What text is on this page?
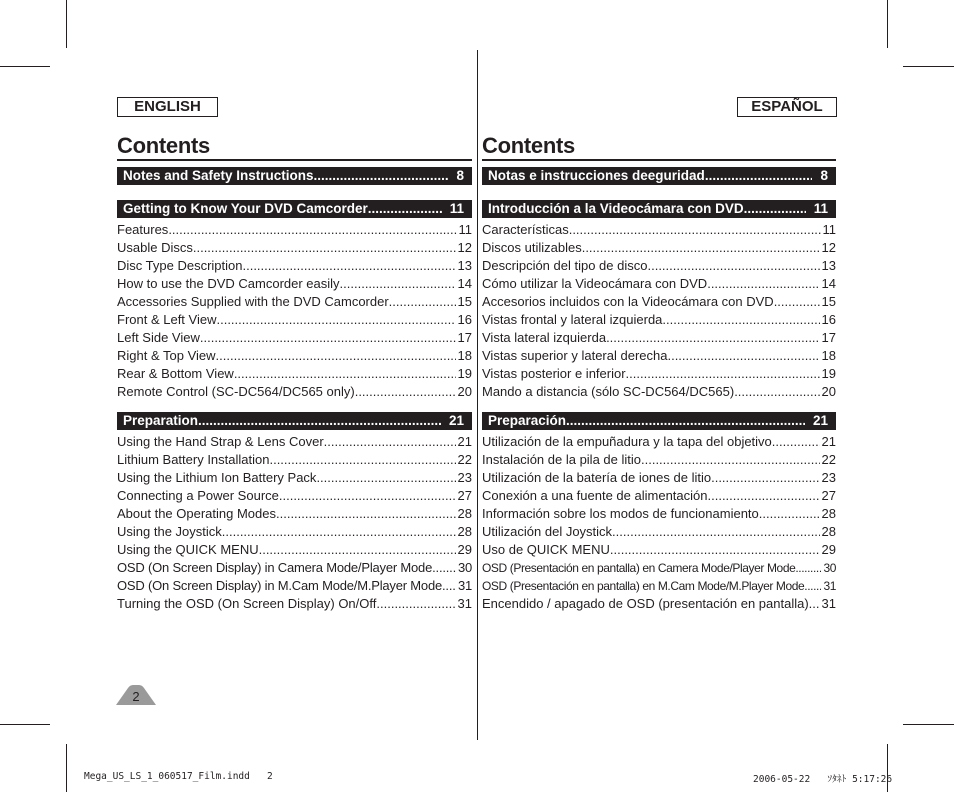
ENGLISH
Contents
Notes and Safety Instructions .....	8
Getting to Know Your DVD Camcorder .....	11
Features .....	11
Usable Discs .....	12
Disc Type Description .....	13
How to use the DVD Camcorder easily .....	14
Accessories Supplied with the DVD Camcorder .....	15
Front & Left View .....	16
Left Side View .....	17
Right & Top View .....	18
Rear & Bottom View .....	19
Remote Control (SC-DC564/DC565 only) .....	20
Preparation .....	21
Using the Hand Strap & Lens Cover .....	21
Lithium Battery Installation .....	22
Using the Lithium Ion Battery Pack .....	23
Connecting a Power Source .....	27
About the Operating Modes .....	28
Using the Joystick .....	28
Using the QUICK MENU .....	29
OSD (On Screen Display) in Camera Mode/Player Mode ..... 30
OSD (On Screen Display) in M.Cam Mode/M.Player Mode ..... 31
Turning the OSD (On Screen Display) On/Off .....	31
ESPAÑOL
Contents
Notas e instrucciones deeguridad .....	8
Introducción a la Videocámara con DVD .....	11
Características .....	11
Discos utilizables .....	12
Descripción del tipo de disco .....	13
Cómo utilizar la Videocámara con DVD .....	14
Accesorios incluidos con la Videocámara con DVD .....	15
Vistas frontal y lateral izquierda .....	16
Vista lateral izquierda .....	17
Vistas superior y lateral derecha .....	18
Vistas posterior e inferior .....	19
Mando a distancia (sólo SC-DC564/DC565) .....	20
Preparación .....	21
Utilización de la empuñadura y la tapa del objetivo .....	21
Instalación de la pila de litio .....	22
Utilización de la batería de iones de litio .....	23
Conexión a una fuente de alimentación .....	27
Información sobre los modos de funcionamiento .....	28
Utilización del Joystick .....	28
Uso de QUICK MENU .....	29
OSD (Presentación en pantalla) en Camera Mode/Player Mode ..... 30
OSD (Presentación en pantalla) en M.Cam Mode/M.Player Mode ..... 31
Encendido / apagado de OSD (presentación en pantalla) ..... 31
2
Mega_US_LS_1_060517_Film.indd   2	2006-05-22   ｿﾀﾈﾄ 5:17:26
